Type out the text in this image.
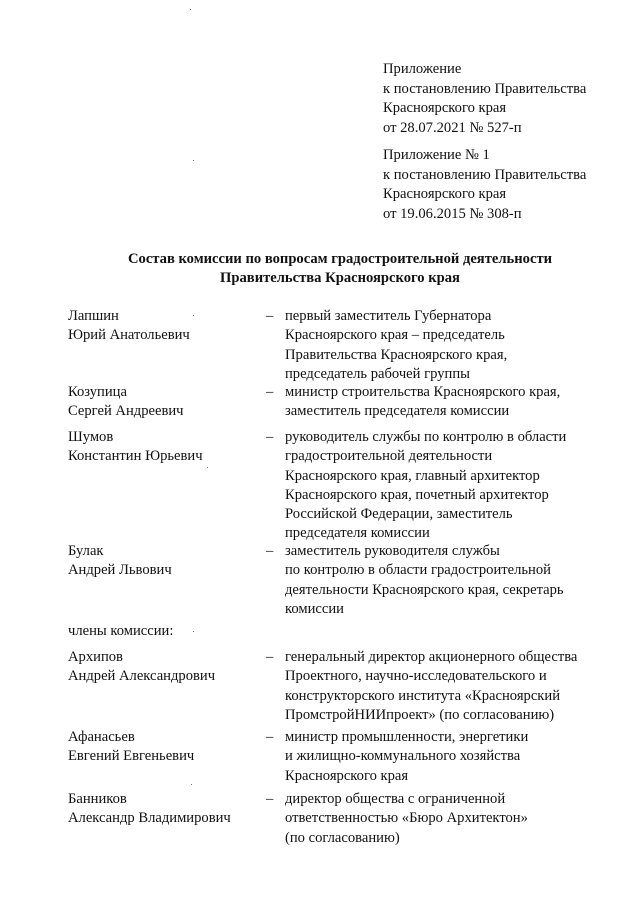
Приложение
к постановлению Правительства
Красноярского края
от 28.07.2021 № 527-п
Приложение № 1
к постановлению Правительства
Красноярского края
от 19.06.2015 № 308-п
Состав комиссии по вопросам градостроительной деятельности
Правительства Красноярского края
Лапшин
Юрий Анатольевич
– первый заместитель Губернатора
Красноярского края – председатель
Правительства Красноярского края,
председатель рабочей группы
Козупица
Сергей Андреевич
– министр строительства Красноярского края,
заместитель председателя комиссии
Шумов
Константин Юрьевич
– руководитель службы по контролю в области
градостроительной деятельности
Красноярского края, главный архитектор
Красноярского края, почетный архитектор
Российской Федерации, заместитель
председателя комиссии
Булак
Андрей Львович
– заместитель руководителя службы
по контролю в области градостроительной
деятельности Красноярского края, секретарь
комиссии
члены комиссии:
Архипов
Андрей Александрович
– генеральный директор акционерного общества
Проектного, научно-исследовательского и
конструкторского института «Красноярский
ПромстройНИИпроект» (по согласованию)
Афанасьев
Евгений Евгеньевич
– министр промышленности, энергетики
и жилищно-коммунального хозяйства
Красноярского края
Банников
Александр Владимирович
– директор общества с ограниченной
ответственностью «Бюро Архитектон»
(по согласованию)
